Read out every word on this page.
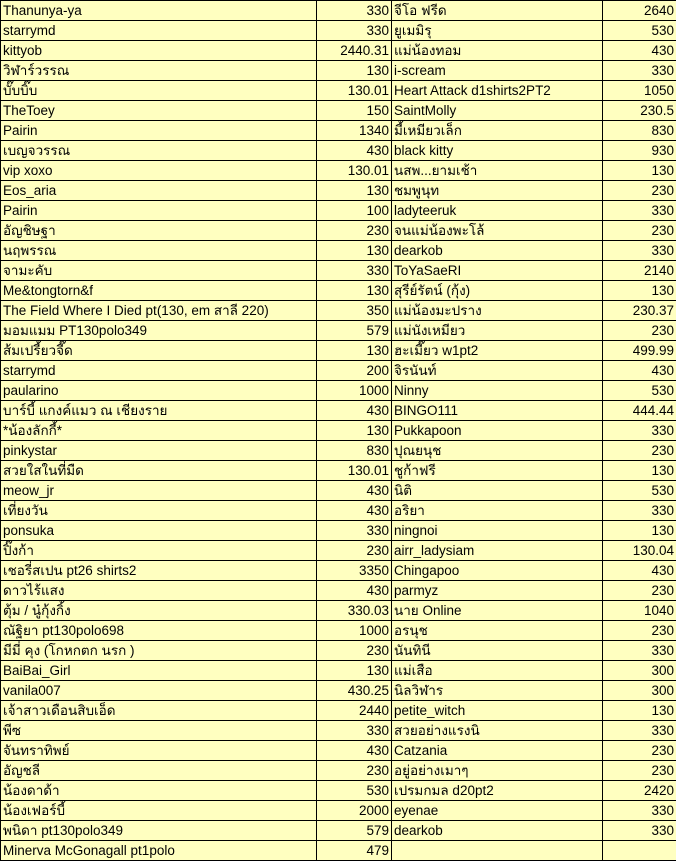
Thanunya-ya	330	จีโอ ฟรีด	2640
starrymd	330	ยูเมมิรุ	530
kittyob	2440.31	แม่น้องทอม	430
วิฬาร์วรรณ	130	i-scream	330
บั๊บบิ๊บ	130.01	Heart Attack d1shirts2PT2	1050
TheToey	150	SaintMolly	230.5
Pairin	1340	มี้เหมียวเล็ก	830
เบญจวรรณ	430	black kitty	930
vip xoxo	130.01	นสพ...ยามเช้า	130
Eos_aria	130	ชมพูนุท	230
Pairin	100	ladyteeruk	330
อัญชิษฐา	230	จนแม่น้องพะโล้	230
นฤพรรณ	130	dearkob	330
จามะคับ	330	ToYaSaeRI	2140
Me&tongtorn&f	130	สุรีย์รัตน์ (กุ้ง)	130
The Field Where I Died pt(130, em สาลี 220)	350	แม่น้องมะปราง	230.37
มอมแมม PT130polo349	579	แม่นังเหมียว	230
ส้มเปรี้ยวจี๊ด	130	ฮะเมี๊ยว w1pt2	499.99
starrymd	200	จิรนันท์	430
paularino	1000	Ninny	530
บาร์บี้ แกงค์แมว ณ เชียงราย	430	BINGO111	444.44
*น้องลักกี้*	130	Pukkapoon	330
pinkystar	830	ปุณยนุช	230
สวยใสในที่มืด	130.01	ชูก้าฟรี	130
meow_jr	430	นิติ	530
เที่ยงวัน	430	อริยา	330
ponsuka	330	ningnoi	130
ปิ๊งก้า	230	airr_ladysiam	130.04
เชอรี่สเปน pt26 shirts2	3350	Chingapoo	430
ดาวไร้แสง	430	parmyz	230
ตุ้ม / นู๋กุ้งกิ้ง	330.03	นาย Online	1040
ณัฐิยา pt130polo698	1000	อรนุช	230
มีมี่ คุง (โกหกตก นรก )	230	นันทินี	330
BaiBai_Girl	130	แม่เสือ	300
vanila007	430.25	นิลวิฬาร	300
เจ้าสาวเดือนสิบเอ็ด	2440	petite_witch	130
พีซ	330	สวยอย่างแรงนิ	330
จันทราทิพย์	430	Catzania	230
อัญชลี	230	อยู่อย่างเมาๆ	230
น้องดาด้า	530	เปรมกมล d20pt2	2420
น้องเฟอร์บี้	2000	eyenae	330
พนิดา pt130polo349	579	dearkob	330
Minerva McGonagall pt1polo	479		
